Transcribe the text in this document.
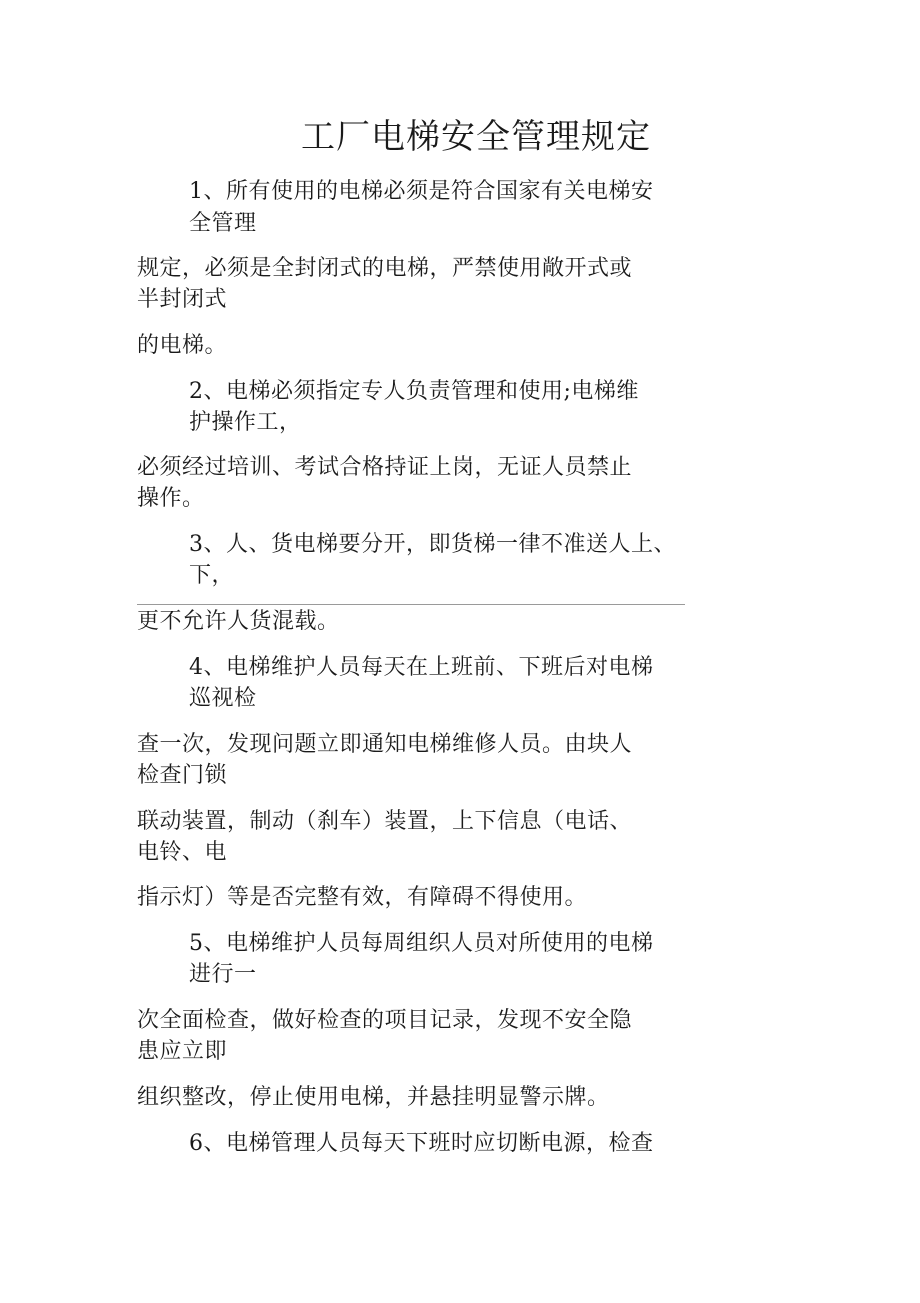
工厂电梯安全管理规定
1、所有使用的电梯必须是符合国家有关电梯安
全管理
规定，必须是全封闭式的电梯，严禁使用敞开式或
半封闭式
的电梯。
2、电梯必须指定专人负责管理和使用;电梯维
护操作工，
必须经过培训、考试合格持证上岗，无证人员禁止
操作。
3、人、货电梯要分开，即货梯一律不准送人上、
下，
更不允许人货混载。
4、电梯维护人员每天在上班前、下班后对电梯
巡视检
查一次，发现问题立即通知电梯维修人员。由块人
检查门锁
联动装置，制动（刹车）装置，上下信息（电话、
电铃、电
指示灯）等是否完整有效，有障碍不得使用。
5、电梯维护人员每周组织人员对所使用的电梯
进行一
次全面检查，做好检查的项目记录，发现不安全隐
患应立即
组织整改，停止使用电梯，并悬挂明显警示牌。
6、电梯管理人员每天下班时应切断电源，检查
